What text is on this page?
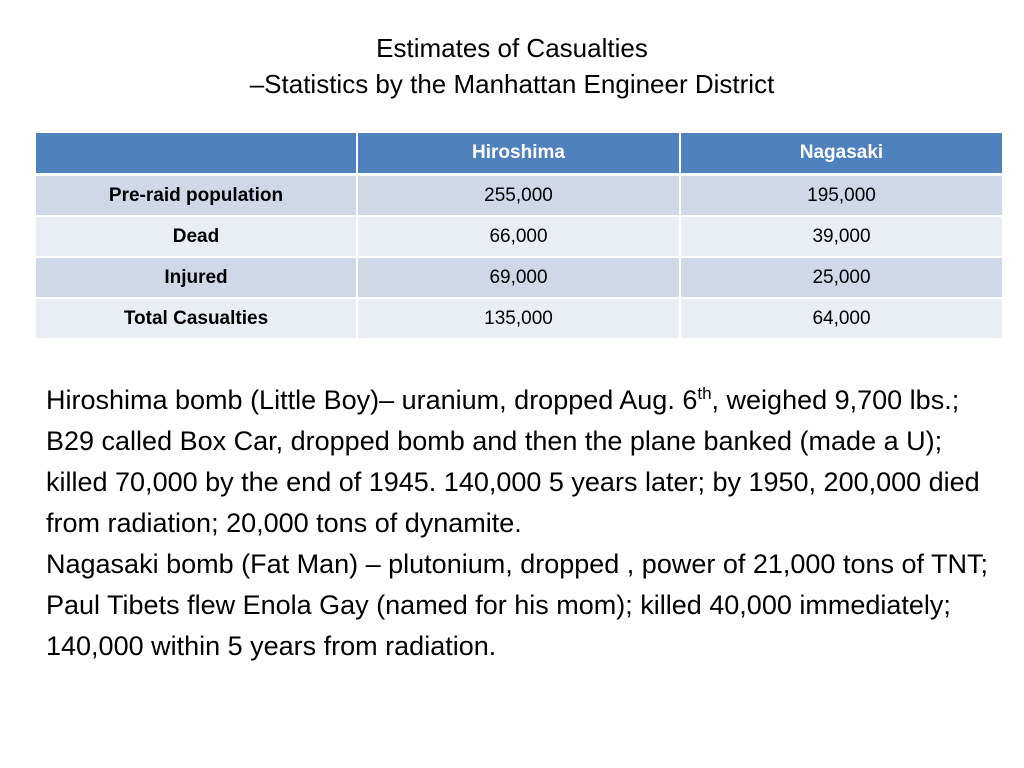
Estimates of Casualties
–Statistics by the Manhattan Engineer District
	Hiroshima	Nagasaki
Pre-raid population	255,000	195,000
Dead	66,000	39,000
Injured	69,000	25,000
Total Casualties	135,000	64,000

Hiroshima bomb (Little Boy)– uranium, dropped Aug. 6th, weighed 9,700 lbs.; B29 called Box Car, dropped bomb and then the plane banked (made a U); killed 70,000 by the end of 1945. 140,000 5 years later; by 1950, 200,000 died from radiation; 20,000 tons of dynamite.

Nagasaki bomb (Fat Man) – plutonium, dropped , power of 21,000 tons of TNT; Paul Tibets flew Enola Gay (named for his mom); killed 40,000 immediately; 140,000 within 5 years from radiation.
